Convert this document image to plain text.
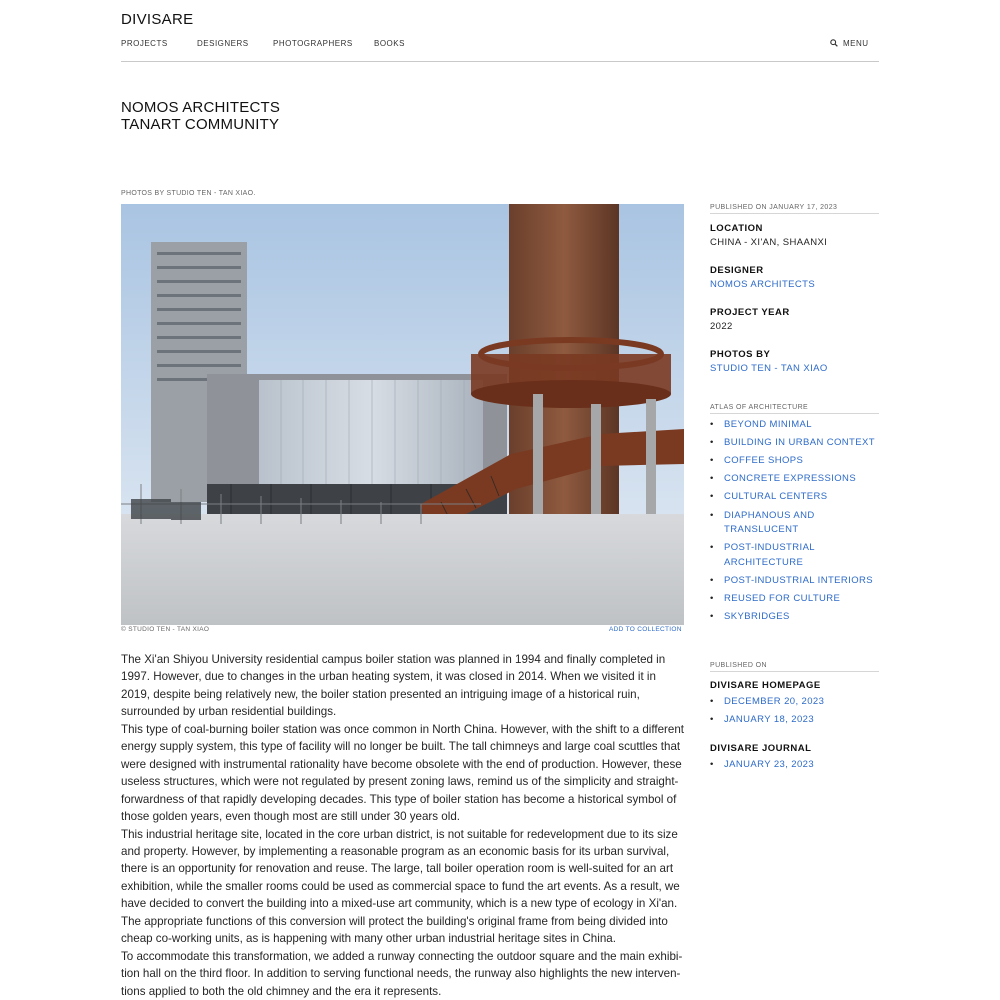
DIVISARE
PROJECTS	DESIGNERS	PHOTOGRAPHERS	BOOKS	MENU
NOMOS ARCHITECTS
TANART COMMUNITY
PHOTOS BY STUDIO TEN - TAN XIAO.
© STUDIO TEN - TAN XIAO	ADD TO COLLECTION

The Xi'an Shiyou University residential campus boiler station was planned in 1994 and finally completed in 1997. However, due to changes in the urban heating system, it was closed in 2014. When we visited it in 2019, despite being relatively new, the boiler station presented an intriguing image of a historical ruin, surrounded by urban residential buildings.

This type of coal-burning boiler station was once common in North China. However, with the shift to a different energy supply system, this type of facility will no longer be built. The tall chimneys and large coal scuttles that were designed with instrumental rationality have become obsolete with the end of production. However, these useless structures, which were not regulated by present zoning laws, remind us of the simplicity and straight-forwardness of that rapidly developing decades. This type of boiler station has become a historical symbol of those golden years, even though most are still under 30 years old.

This industrial heritage site, located in the core urban district, is not suitable for redevelopment due to its size and property. However, by implementing a reasonable program as an economic basis for its urban survival, there is an opportunity for renovation and reuse. The large, tall boiler operation room is well-suited for an art exhibition, while the smaller rooms could be used as commercial space to fund the art events. As a result, we have decided to convert the building into a mixed-use art community, which is a new type of ecology in Xi'an. The appropriate functions of this conversion will protect the building's original frame from being divided into cheap co-working units, as is happening with many other urban industrial heritage sites in China.

To accommodate this transformation, we added a runway connecting the outdoor square and the main exhibi-tion hall on the third floor. In addition to serving functional needs, the runway also highlights the new interven-tions applied to both the old chimney and the era it represents.

PUBLISHED ON JANUARY 17, 2023
LOCATION
CHINA - XI'AN, SHAANXI
DESIGNER
NOMOS ARCHITECTS
PROJECT YEAR
2022
PHOTOS BY
STUDIO TEN - TAN XIAO
ATLAS OF ARCHITECTURE
• BEYOND MINIMAL
• BUILDING IN URBAN CONTEXT
• COFFEE SHOPS
• CONCRETE EXPRESSIONS
• CULTURAL CENTERS
• DIAPHANOUS AND TRANSLUCENT
• POST-INDUSTRIAL ARCHITECTURE
• POST-INDUSTRIAL INTERIORS
• REUSED FOR CULTURE
• SKYBRIDGES
PUBLISHED ON
DIVISARE HOMEPAGE
• DECEMBER 20, 2023
• JANUARY 18, 2023
DIVISARE JOURNAL
• JANUARY 23, 2023
